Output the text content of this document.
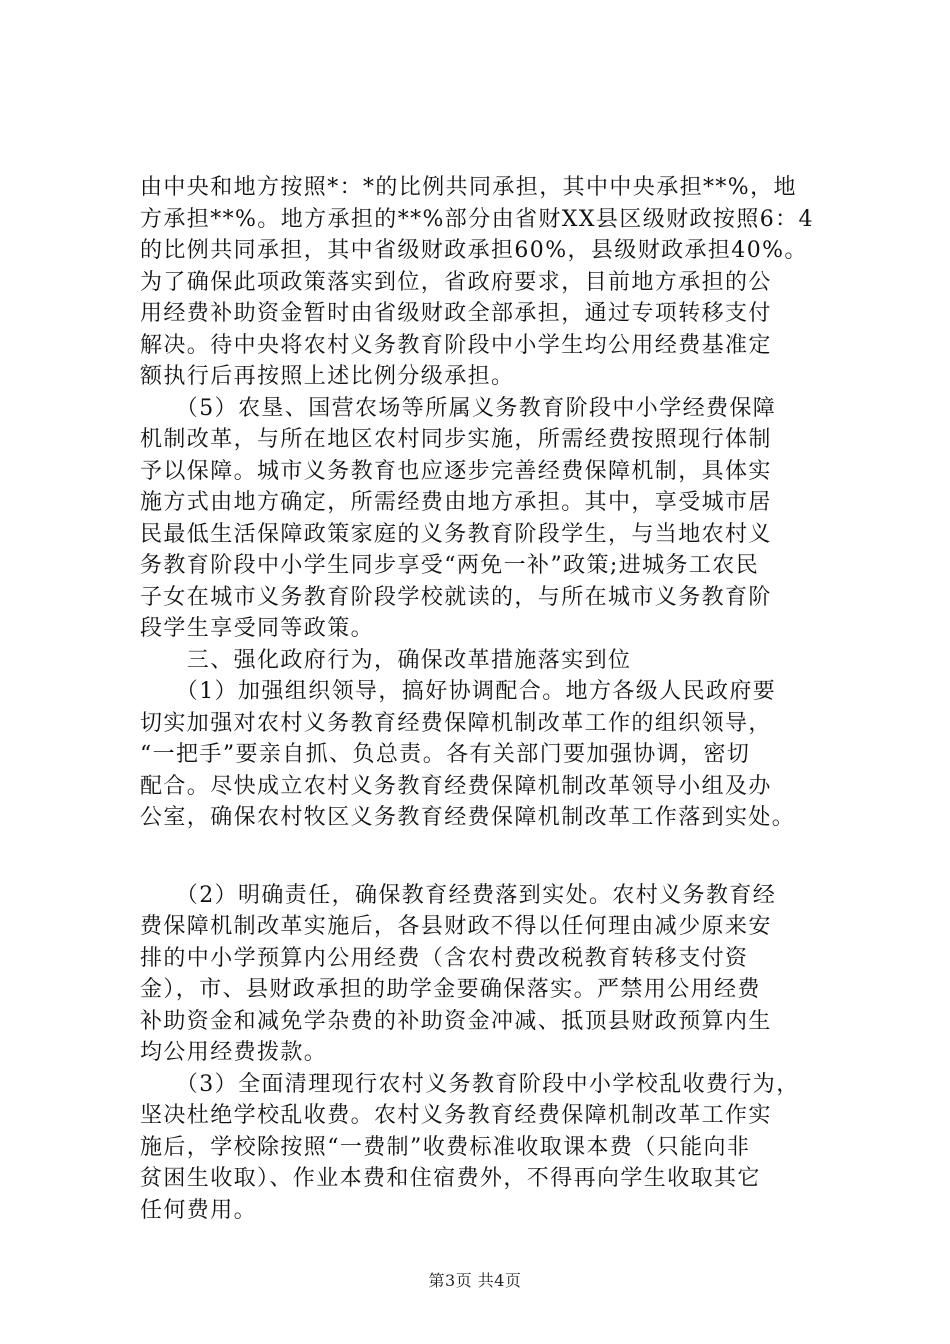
由中央和地方按照*：*的比例共同承担，其中中央承担**%，地
方承担**%。地方承担的**%部分由省财XX县区级财政按照6：4
的比例共同承担，其中省级财政承担60%，县级财政承担40%。
为了确保此项政策落实到位，省政府要求，目前地方承担的公
用经费补助资金暂时由省级财政全部承担，通过专项转移支付
解决。待中央将农村义务教育阶段中小学生均公用经费基准定
额执行后再按照上述比例分级承担。
　　（5）农垦、国营农场等所属义务教育阶段中小学经费保障
机制改革，与所在地区农村同步实施，所需经费按照现行体制
予以保障。城市义务教育也应逐步完善经费保障机制，具体实
施方式由地方确定，所需经费由地方承担。其中，享受城市居
民最低生活保障政策家庭的义务教育阶段学生，与当地农村义
务教育阶段中小学生同步享受“两免一补”政策;进城务工农民
子女在城市义务教育阶段学校就读的，与所在城市义务教育阶
段学生享受同等政策。
　　三、强化政府行为，确保改革措施落实到位
　　（1）加强组织领导，搞好协调配合。地方各级人民政府要
切实加强对农村义务教育经费保障机制改革工作的组织领导，
“一把手”要亲自抓、负总责。各有关部门要加强协调，密切
配合。尽快成立农村义务教育经费保障机制改革领导小组及办
公室，确保农村牧区义务教育经费保障机制改革工作落到实处。
　　（2）明确责任，确保教育经费落到实处。农村义务教育经
费保障机制改革实施后，各县财政不得以任何理由减少原来安
排的中小学预算内公用经费（含农村费改税教育转移支付资
金），市、县财政承担的助学金要确保落实。严禁用公用经费
补助资金和减免学杂费的补助资金冲减、抵顶县财政预算内生
均公用经费拨款。
　　（3）全面清理现行农村义务教育阶段中小学校乱收费行为，
坚决杜绝学校乱收费。农村义务教育经费保障机制改革工作实
施后，学校除按照“一费制”收费标准收取课本费（只能向非
贫困生收取）、作业本费和住宿费外，不得再向学生收取其它
任何费用。
第3页 共4页
